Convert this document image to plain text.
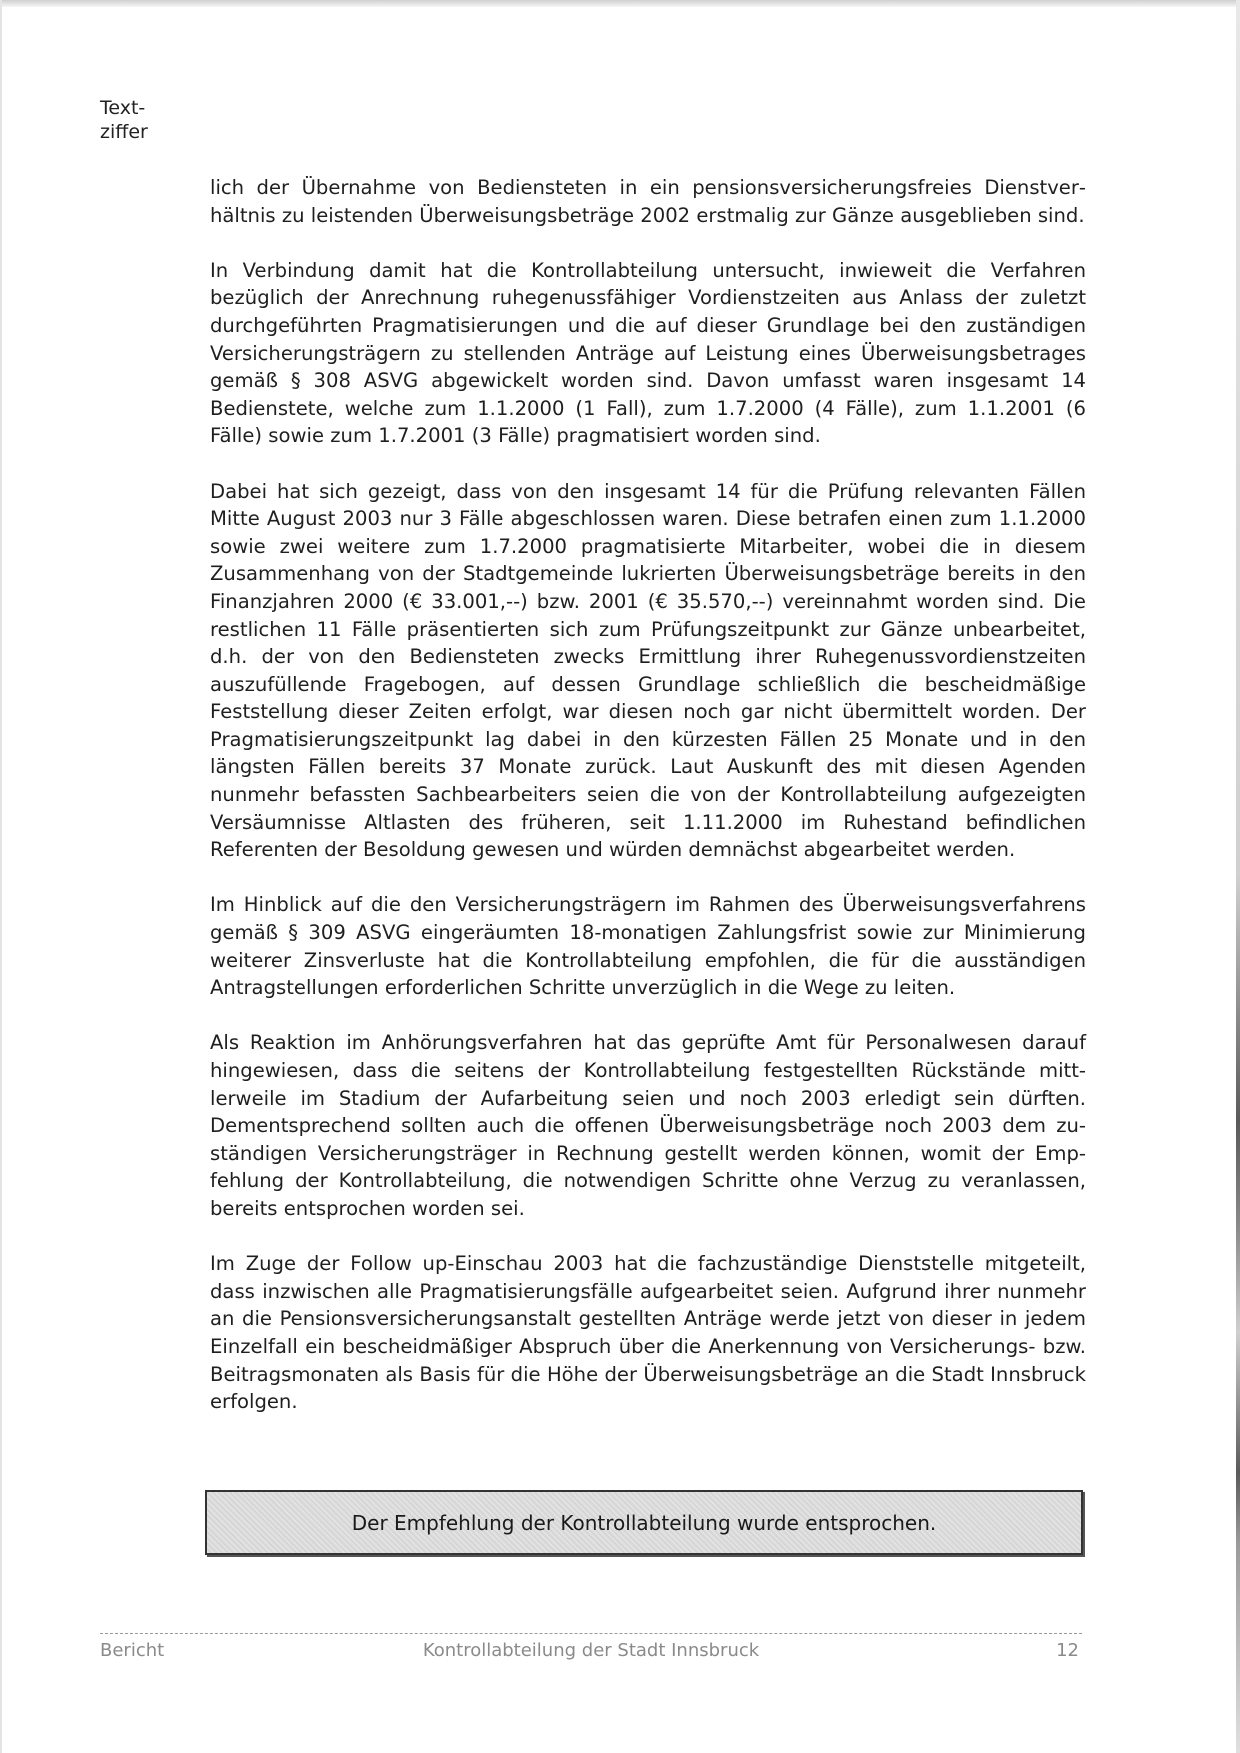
Text-
ziffer

lich der Übernahme von Bediensteten in ein pensionsversicherungsfreies Dienstverhältnis zu leistenden Überweisungsbeträge 2002 erstmalig zur Gänze ausgeblieben sind.

In Verbindung damit hat die Kontrollabteilung untersucht, inwieweit die Verfahren bezüglich der Anrechnung ruhegenussfähiger Vordienstzeiten aus Anlass der zuletzt durchgeführten Pragmatisierungen und die auf dieser Grundlage bei den zuständigen Versicherungsträgern zu stellenden Anträge auf Leistung eines Überweisungsbetrages gemäß § 308 ASVG abgewickelt worden sind. Davon umfasst waren insgesamt 14 Bedienstete, welche zum 1.1.2000 (1 Fall), zum 1.7.2000 (4 Fälle), zum 1.1.2001 (6 Fälle) sowie zum 1.7.2001 (3 Fälle) pragmatisiert worden sind.

Dabei hat sich gezeigt, dass von den insgesamt 14 für die Prüfung relevanten Fällen Mitte August 2003 nur 3 Fälle abgeschlossen waren. Diese betrafen einen zum 1.1.2000 sowie zwei weitere zum 1.7.2000 pragmatisierte Mitarbeiter, wobei die in diesem Zusammenhang von der Stadtgemeinde lukrierten Überweisungsbeträge bereits in den Finanzjahren 2000 (€ 33.001,--) bzw. 2001 (€ 35.570,--) vereinnahmt worden sind. Die restlichen 11 Fälle präsentierten sich zum Prüfungszeitpunkt zur Gänze unbearbeitet, d.h. der von den Bediensteten zwecks Ermittlung ihrer Ruhegenussvordienstzeiten auszufüllende Fragebogen, auf dessen Grundlage schließlich die bescheidmäßige Feststellung dieser Zeiten erfolgt, war diesen noch gar nicht übermittelt worden. Der Pragmatisierungszeitpunkt lag dabei in den kürzesten Fällen 25 Monate und in den längsten Fällen bereits 37 Monate zurück. Laut Auskunft des mit diesen Agenden nunmehr befassten Sachbearbeiters seien die von der Kontrollabteilung aufgezeigten Versäumnisse Altlasten des früheren, seit 1.11.2000 im Ruhestand befindlichen Referenten der Besoldung gewesen und würden demnächst abgearbeitet werden.

Im Hinblick auf die den Versicherungsträgern im Rahmen des Überweisungsverfahrens gemäß § 309 ASVG eingeräumten 18-monatigen Zahlungsfrist sowie zur Minimierung weiterer Zinsverluste hat die Kontrollabteilung empfohlen, die für die ausständigen Antragstellungen erforderlichen Schritte unverzüglich in die Wege zu leiten.

Als Reaktion im Anhörungsverfahren hat das geprüfte Amt für Personalwesen darauf hingewiesen, dass die seitens der Kontrollabteilung festgestellten Rückstände mittlerweile im Stadium der Aufarbeitung seien und noch 2003 erledigt sein dürften. Dementsprechend sollten auch die offenen Überweisungsbeträge noch 2003 dem zuständigen Versicherungsträger in Rechnung gestellt werden können, womit der Empfehlung der Kontrollabteilung, die notwendigen Schritte ohne Verzug zu veranlassen, bereits entsprochen worden sei.

Im Zuge der Follow up-Einschau 2003 hat die fachzuständige Dienststelle mitgeteilt, dass inzwischen alle Pragmatisierungsfälle aufgearbeitet seien. Aufgrund ihrer nunmehr an die Pensionsversicherungsanstalt gestellten Anträge werde jetzt von dieser in jedem Einzelfall ein bescheidmäßiger Abspruch über die Anerkennung von Versicherungs- bzw. Beitragsmonaten als Basis für die Höhe der Überweisungsbeträge an die Stadt Innsbruck erfolgen.

Der Empfehlung der Kontrollabteilung wurde entsprochen.
Bericht	Kontrollabteilung der Stadt Innsbruck	12
